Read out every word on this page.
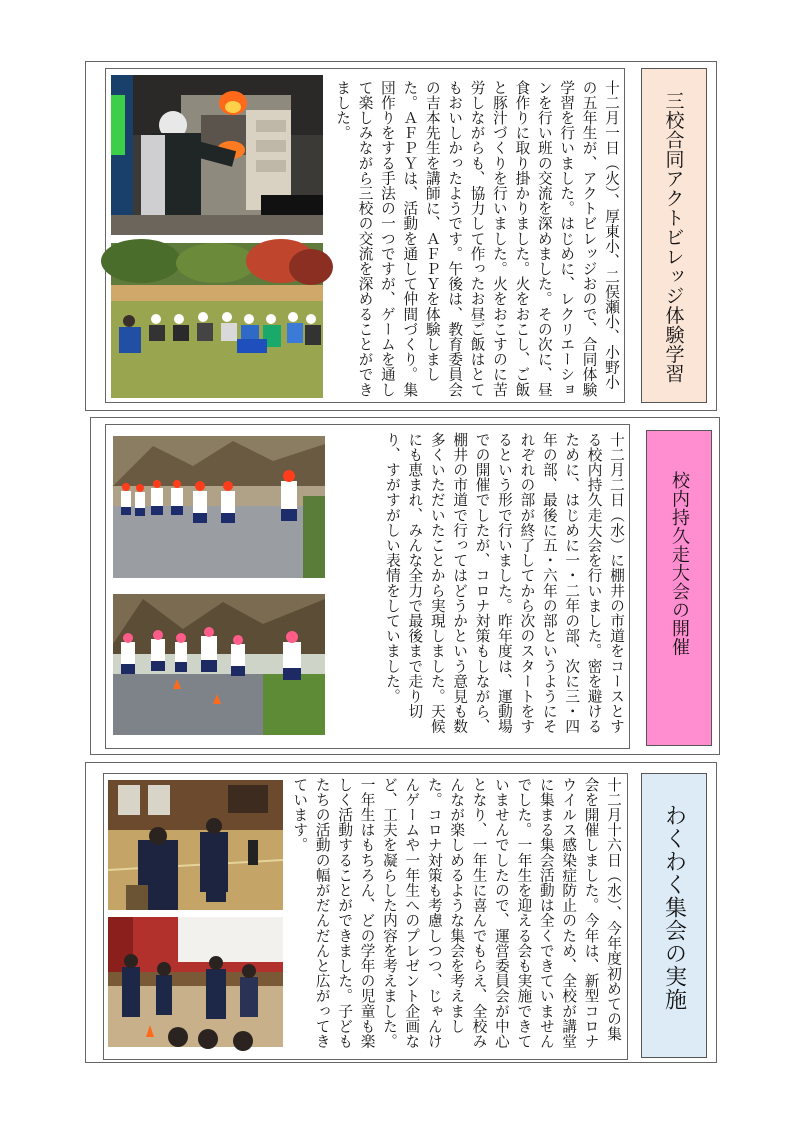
三校合同アクトビレッジ体験学習
十二月一日（火）、厚東小、二俣瀬小、小野小の五年生が、アクトビレッジおので、合同体験学習を行いました。はじめに、レクリエーションを行い班の交流を深めました。その次に、昼食作りに取り掛かりました。火をおこし、ご飯と豚汁づくりを行いました。火をおこすのに苦労しながらも、協力して作ったお昼ご飯はとてもおいしかったようです。午後は、教育委員会の吉本先生を講師に、ＡＦＰＹを体験しました。ＡＦＰＹは、活動を通して仲間づくり。集団作りをする手法の一つですが、ゲームを通して楽しみながら三校の交流を深めることができました。
校内持久走大会の開催
十二月二日（水）に棚井の市道をコースとする校内持久走大会を行いました。密を避けるために、はじめに一・二年の部、次に三・四年の部、最後に五・六年の部というようにそれぞれの部が終了してから次のスタートをするという形で行いました。昨年度は、運動場での開催でしたが、コロナ対策もしながら、棚井の市道で行ってはどうかという意見も数多くいただいたことから実現しました。天候にも恵まれ、みんな全力で最後まで走り切り、すがすがしい表情をしていました。
わくわく集会の実施
十二月十六日（水）、今年度初めての集会を開催しました。今年は、新型コロナウイルス感染症防止のため、全校が講堂に集まる集会活動は全くできていませんでした。一年生を迎える会も実施できていませんでしたので、運営委員会が中心となり、一年生に喜んでもらえ、全校みんなが楽しめるような集会を考えました。コロナ対策も考慮しつつ、じゃんけんゲームや一年生へのプレゼント企画など、工夫を凝らした内容を考えました。一年生はもちろん、どの学年の児童も楽しく活動することができました。子どもたちの活動の幅がだんだんと広がってきています。
